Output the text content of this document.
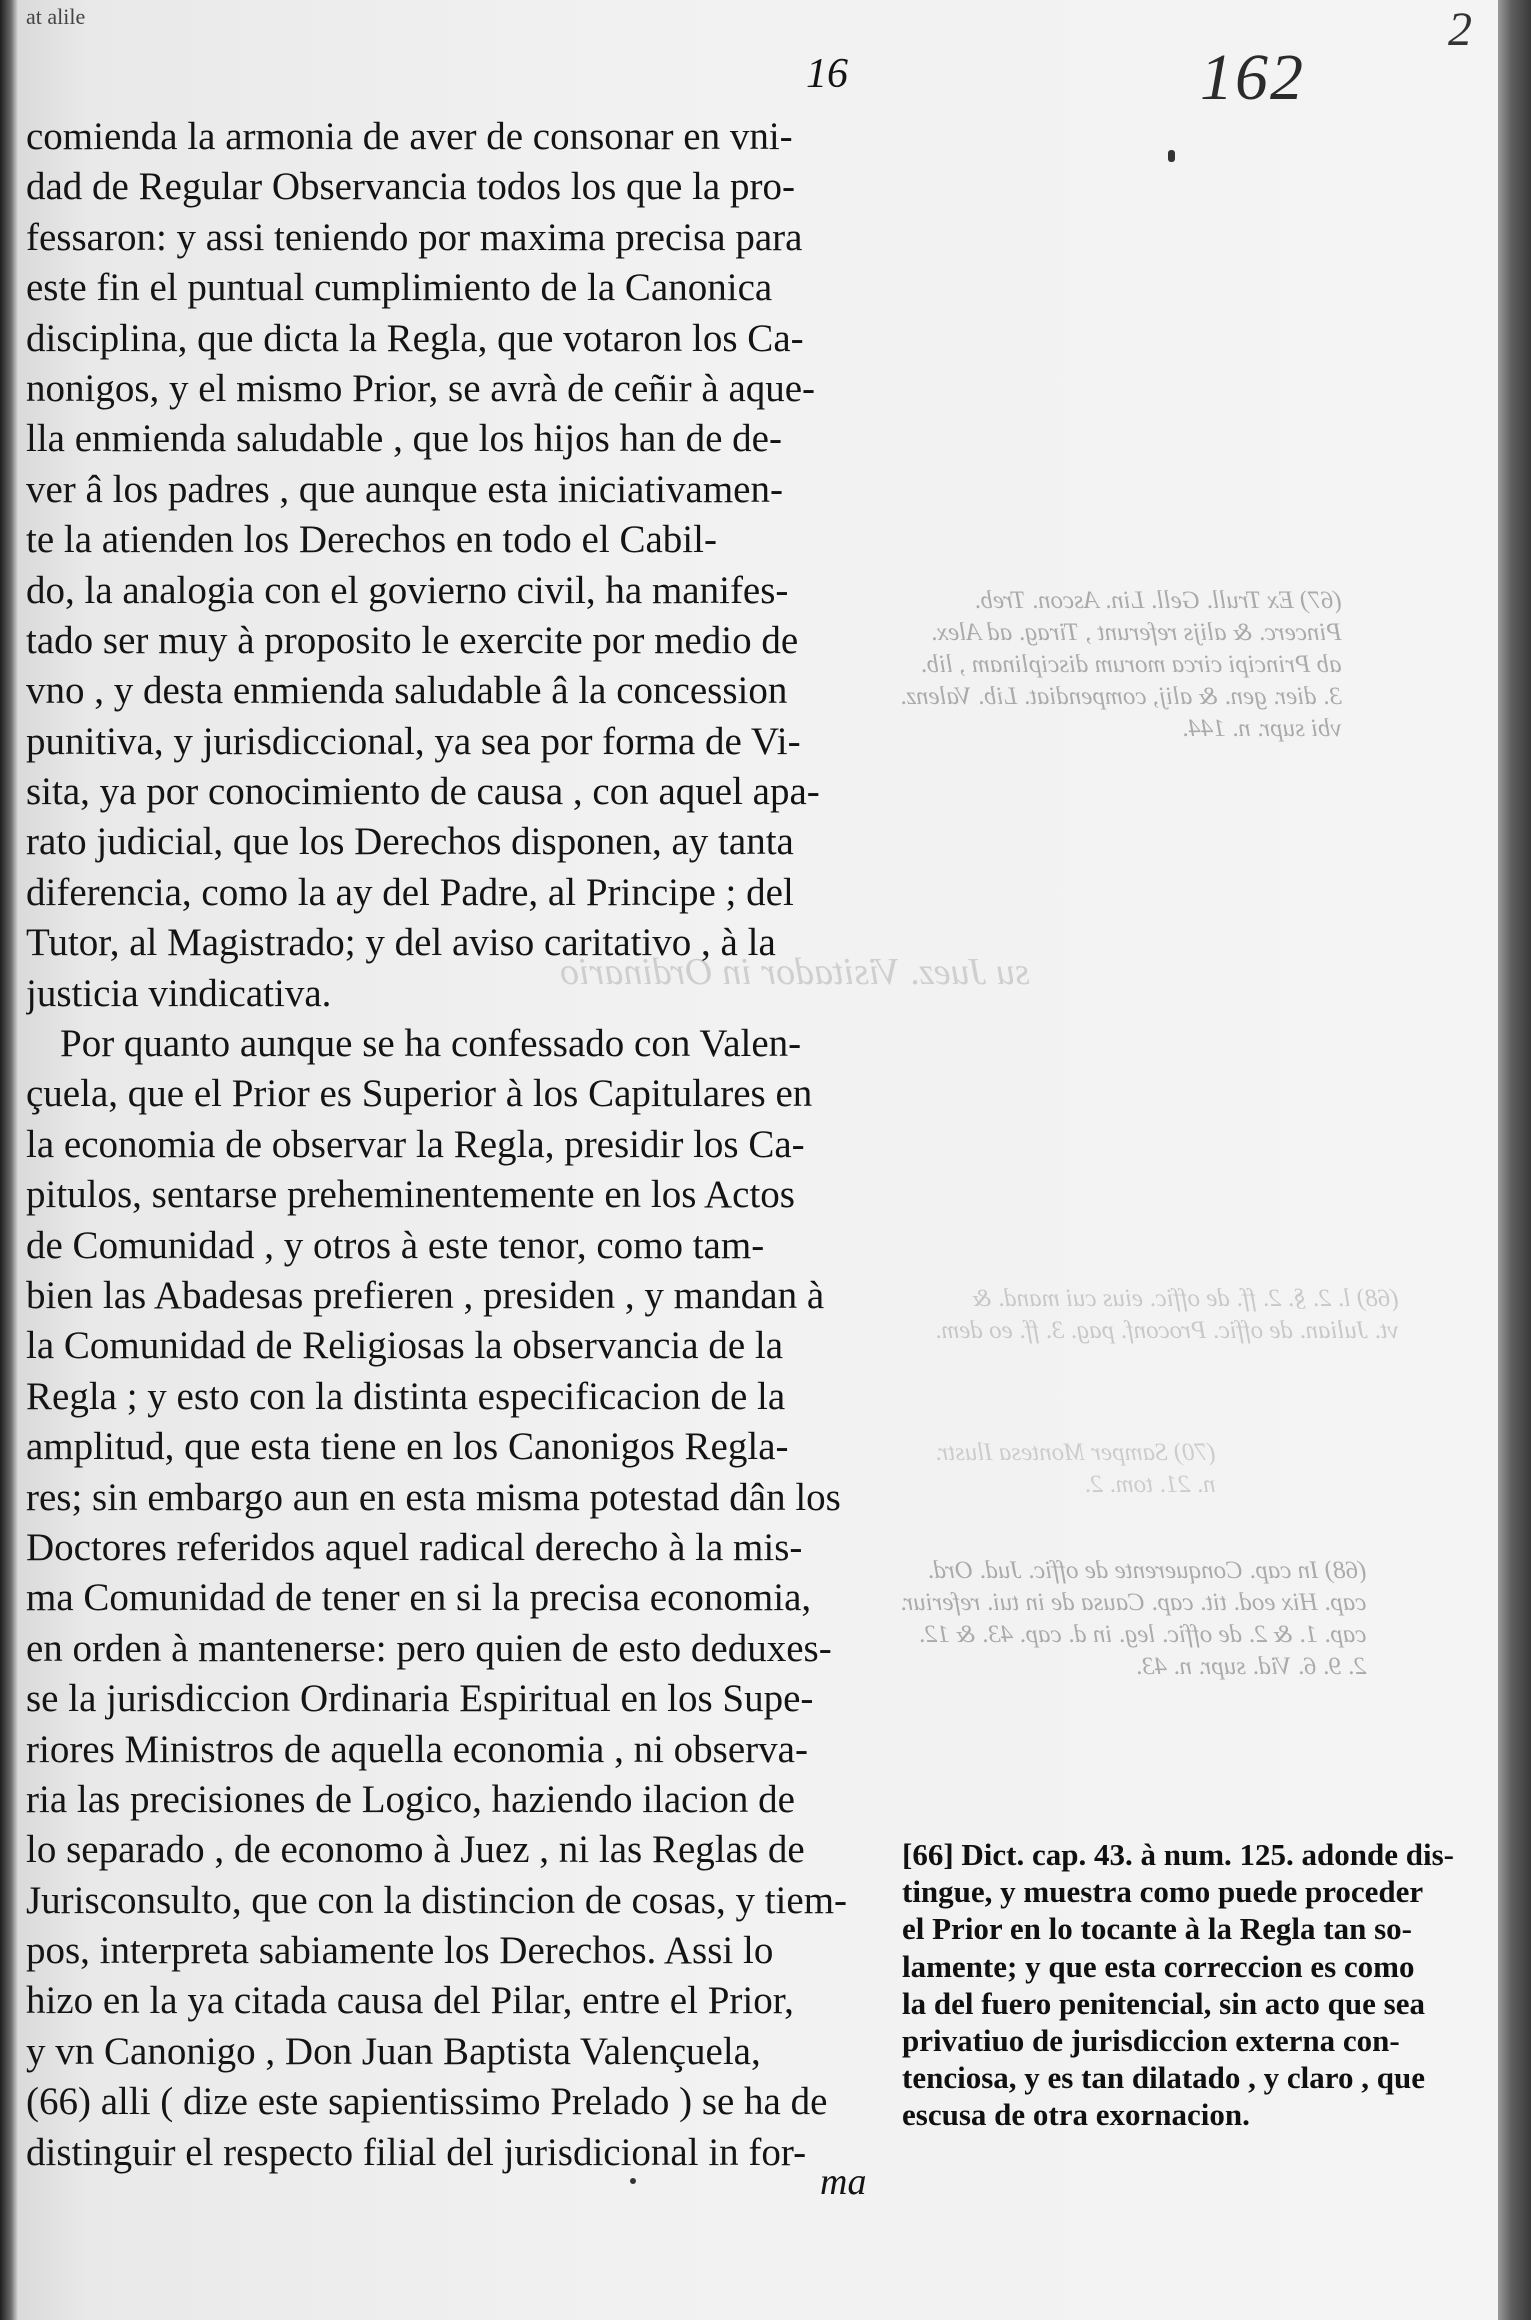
at alile
16	162
2
(67) Ex Trull. Gell. Lin. Ascon. Treb.
Pincerc. & alijs referunt , Tirag. ad Alex.
ab Principi circa morum disciplinam , lib.
3. dier. gen. & alij, compendiat. Lib. Valenz.
vbi supr. n. 144.
(68) l. 2. §. 2. ff. de offic. eius cui mand. &
vt. Julian. de offic. Proconf. pag. 3. ff. eo dem.
(70) Samper Montesa Ilustr.
n. 21. tom. 2.
(68) In cap. Conquerente de offic. Jud. Ord.
cap. Hix eod. tit. cap. Causa de in tui. referiur.
cap. 1. & 2. de offic. leg. in d. cap. 43. & 12.
2. 9. 6. Vid. supr. n. 43.
su Juez. Visitador in Ordinario
comienda la armonia de aver de consonar en vni-
dad de Regular Observancia todos los que la pro-
fessaron: y assi teniendo por maxima precisa para
este fin el puntual cumplimiento de la Canonica
disciplina, que dicta la Regla, que votaron los Ca-
nonigos, y el mismo Prior, se avrà de ceñir à aque-
lla enmienda saludable , que los hijos han de de-
ver â los padres , que aunque esta iniciativamen-
te la atienden los Derechos en todo el Cabil-
do, la analogia con el govierno civil, ha manifes-
tado ser muy à proposito le exercite por medio de
vno , y desta enmienda saludable â la concession
punitiva, y jurisdiccional, ya sea por forma de Vi-
sita, ya por conocimiento de causa , con aquel apa-
rato judicial, que los Derechos disponen, ay tanta
diferencia, como la ay del Padre, al Principe ; del
Tutor, al Magistrado; y del aviso caritativo , à la
justicia vindicativa.
Por quanto aunque se ha confessado con Valen-
çuela, que el Prior es Superior à los Capitulares en
la economia de observar la Regla, presidir los Ca-
pitulos, sentarse preheminentemente en los Actos
de Comunidad , y otros à este tenor, como tam-
bien las Abadesas prefieren , presiden , y mandan à
la Comunidad de Religiosas la observancia de la
Regla ; y esto con la distinta especificacion de la
amplitud, que esta tiene en los Canonigos Regla-
res; sin embargo aun en esta misma potestad dân los
Doctores referidos aquel radical derecho à la mis-
ma Comunidad de tener en si la precisa economia,
en orden à mantenerse: pero quien de esto deduxes-
se la jurisdiccion Ordinaria Espiritual en los Supe-
riores Ministros de aquella economia , ni observa-
ria las precisiones de Logico, haziendo ilacion de
lo separado , de economo à Juez , ni las Reglas de
Jurisconsulto, que con la distincion de cosas, y tiem-
pos, interpreta sabiamente los Derechos. Assi lo
hizo en la ya citada causa del Pilar, entre el Prior,
y vn Canonigo , Don Juan Baptista Valençuela,
(66) alli ( dize este sapientissimo Prelado ) se ha de
distinguir el respecto filial del jurisdicional in for-
ma
[66] Dict. cap. 43. à num. 125. adonde dis-
tingue, y muestra como puede proceder
el Prior en lo tocante à la Regla tan so-
lamente; y que esta correccion es como
la del fuero penitencial, sin acto que sea
privatiuo de jurisdiccion externa con-
tenciosa, y es tan dilatado , y claro , que
escusa de otra exornacion.
